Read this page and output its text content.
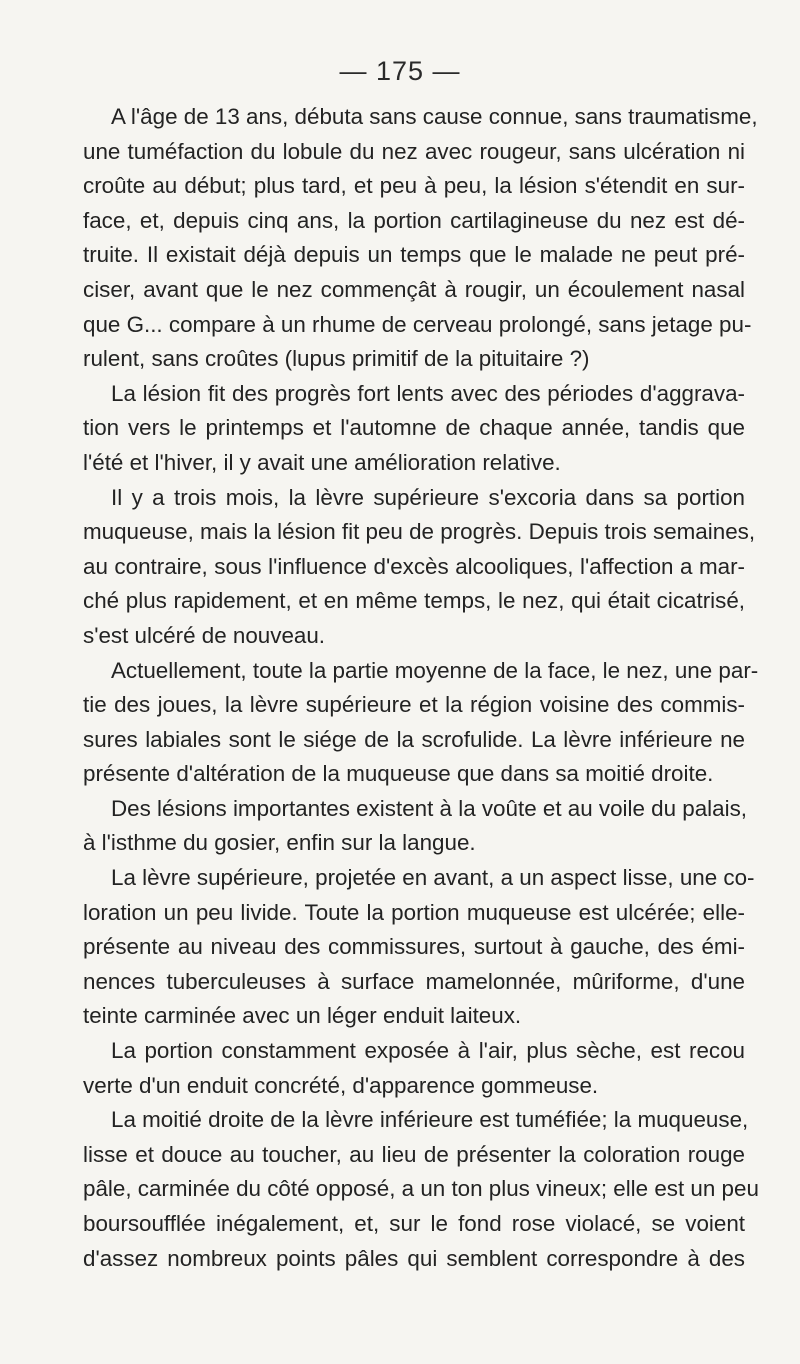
— 175 —
A l'âge de 13 ans, débuta sans cause connue, sans traumatisme,
une tuméfaction du lobule du nez avec rougeur, sans ulcération ni
croûte au début; plus tard, et peu à peu, la lésion s'étendit en sur-
face, et, depuis cinq ans, la portion cartilagineuse du nez est dé-
truite. Il existait déjà depuis un temps que le malade ne peut pré-
ciser, avant que le nez commençât à rougir, un écoulement nasal
que G... compare à un rhume de cerveau prolongé, sans jetage pu-
rulent, sans croûtes (lupus primitif de la pituitaire ?)
La lésion fit des progrès fort lents avec des périodes d'aggrava-
tion vers le printemps et l'automne de chaque année, tandis que
l'été et l'hiver, il y avait une amélioration relative.
Il y a trois mois, la lèvre supérieure s'excoria dans sa portion
muqueuse, mais la lésion fit peu de progrès. Depuis trois semaines,
au contraire, sous l'influence d'excès alcooliques, l'affection a mar-
ché plus rapidement, et en même temps, le nez, qui était cicatrisé,
s'est ulcéré de nouveau.
Actuellement, toute la partie moyenne de la face, le nez, une par-
tie des joues, la lèvre supérieure et la région voisine des commis-
sures labiales sont le siége de la scrofulide. La lèvre inférieure ne
présente d'altération de la muqueuse que dans sa moitié droite.
Des lésions importantes existent à la voûte et au voile du palais,
à l'isthme du gosier, enfin sur la langue.
La lèvre supérieure, projetée en avant, a un aspect lisse, une co-
loration un peu livide. Toute la portion muqueuse est ulcérée; elle-
présente au niveau des commissures, surtout à gauche, des émi-
nences tuberculeuses à surface mamelonnée, mûriforme, d'une
teinte carminée avec un léger enduit laiteux.
La portion constamment exposée à l'air, plus sèche, est recou
verte d'un enduit concrété, d'apparence gommeuse.
La moitié droite de la lèvre inférieure est tuméfiée; la muqueuse,
lisse et douce au toucher, au lieu de présenter la coloration rouge
pâle, carminée du côté opposé, a un ton plus vineux; elle est un peu
boursoufflée inégalement, et, sur le fond rose violacé, se voient
d'assez nombreux points pâles qui semblent correspondre à des
